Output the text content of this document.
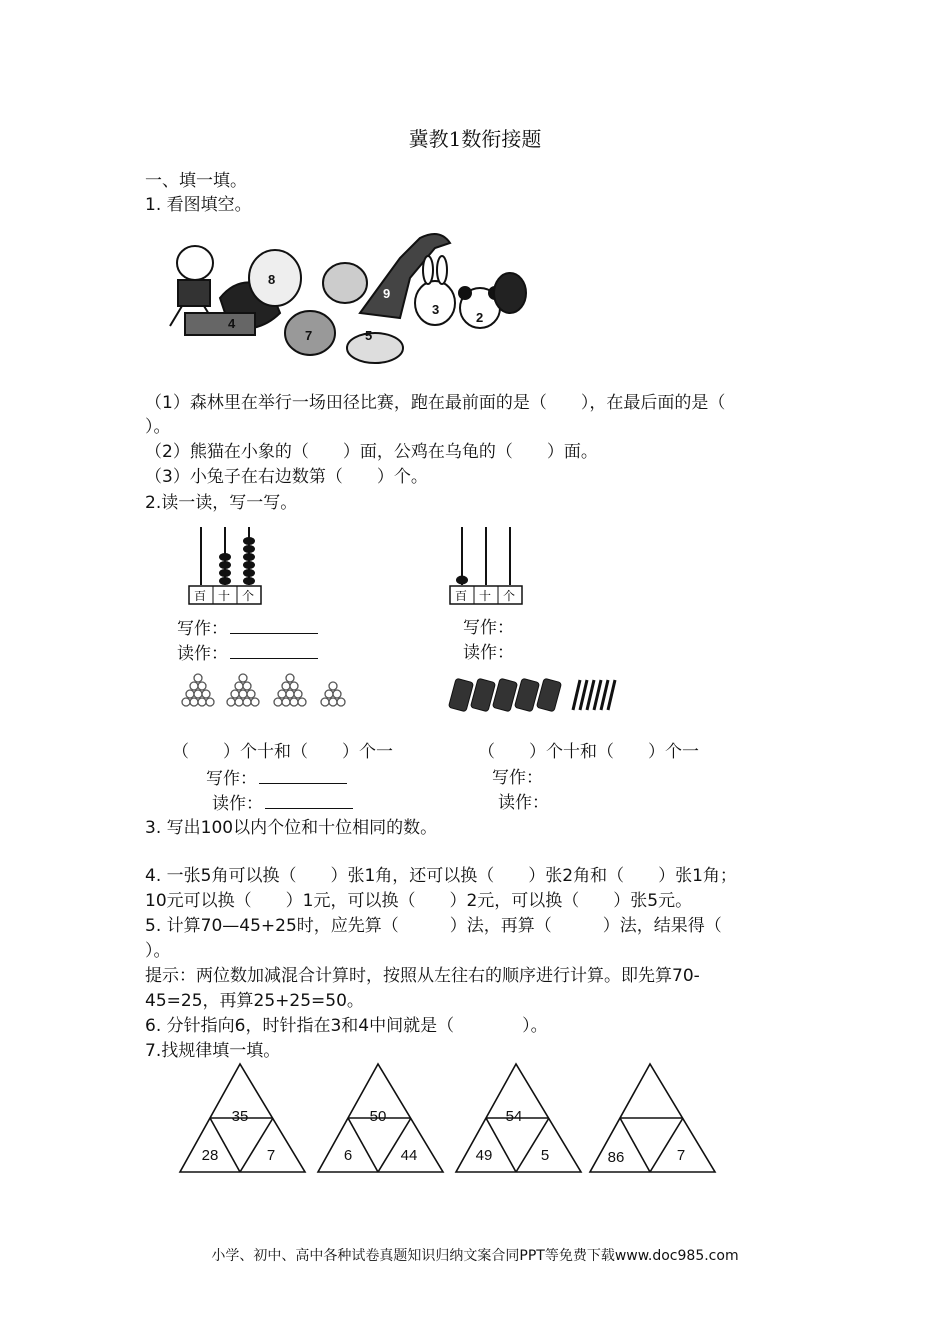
冀教1数衔接题
一、填一填。
1. 看图填空。
8
4
7	5
9
3
2
（1）森林里在举行一场田径比赛，跑在最前面的是（　　），在最后面的是（
）。
（2）熊猫在小象的（　　）面，公鸡在乌龟的（　　）面。
（3）小兔子在右边数第（　　）个。
2.读一读，写一写。
百 十 个	百 十 个
写作：
读作：
写作：
读作：
（　　）个十和（　　）个一	（　　）个十和（　　）个一
写作：
读作：
写作：
读作：
3. 写出100以内个位和十位相同的数。
4. 一张5角可以换（　　）张1角，还可以换（　　）张2角和（　　）张1角；
10元可以换（　　）1元，可以换（　　）2元，可以换（　　）张5元。
5. 计算70—45+25时，应先算（　　　）法，再算（　　　）法，结果得（
）。
提示：两位数加减混合计算时，按照从左往右的顺序进行计算。即先算70-
45=25，再算25+25=50。
6. 分针指向6，时针指在3和4中间就是（　　　　）。
7.找规律填一填。
35
28	7
50
6	44
54
49	5	86	7
小学、初中、高中各种试卷真题知识归纳文案合同PPT等免费下载www.doc985.com
